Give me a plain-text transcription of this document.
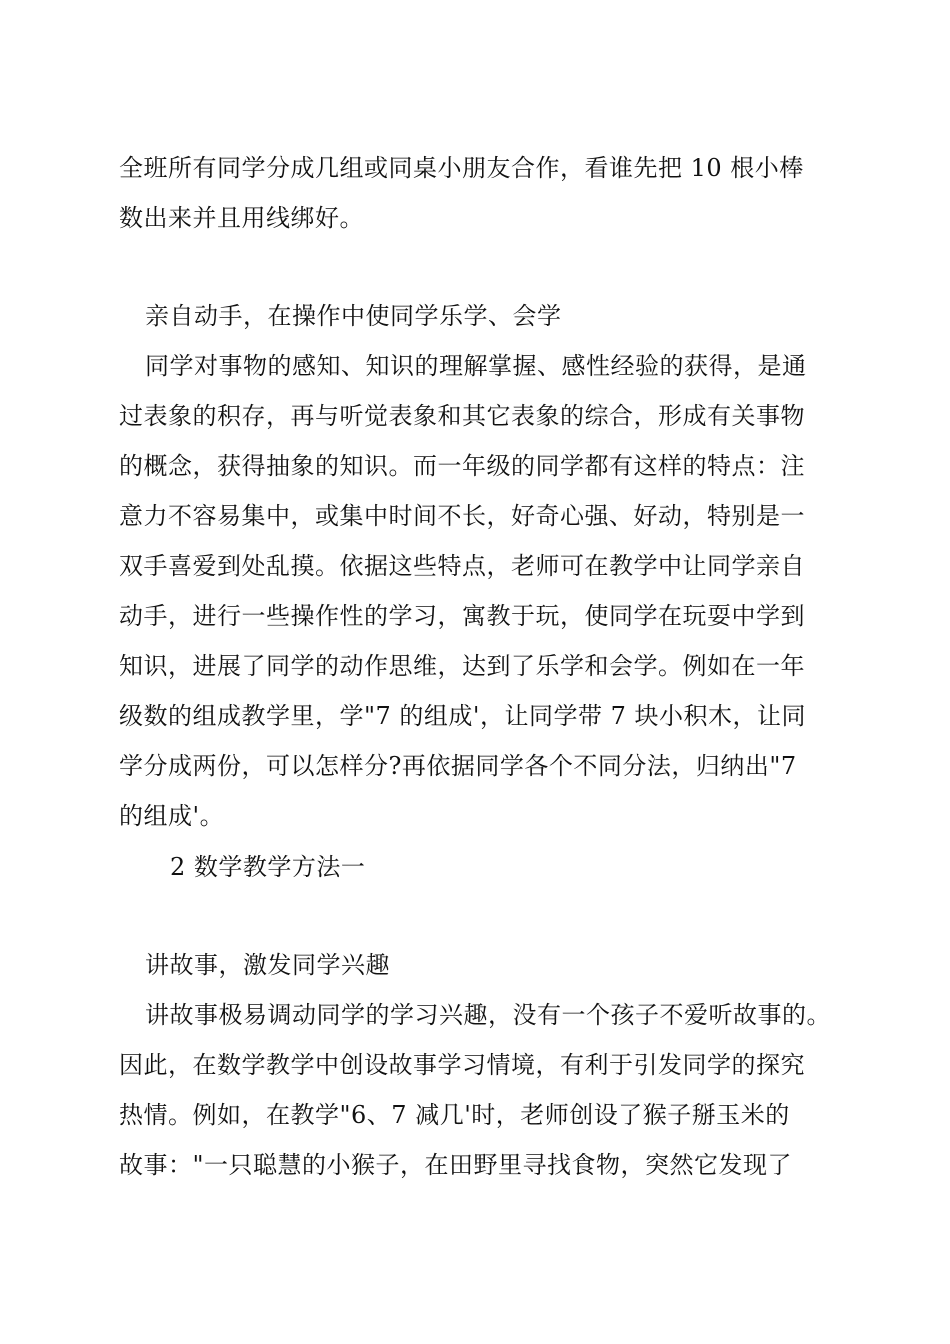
全班所有同学分成几组或同桌小朋友合作，看谁先把 10 根小棒
数出来并且用线绑好。
亲自动手，在操作中使同学乐学、会学
同学对事物的感知、知识的理解掌握、感性经验的获得，是通
过表象的积存，再与听觉表象和其它表象的综合，形成有关事物
的概念，获得抽象的知识。而一年级的同学都有这样的特点：注
意力不容易集中，或集中时间不长，好奇心强、好动，特别是一
双手喜爱到处乱摸。依据这些特点，老师可在教学中让同学亲自
动手，进行一些操作性的学习，寓教于玩，使同学在玩耍中学到
知识，进展了同学的动作思维，达到了乐学和会学。例如在一年
级数的组成教学里，学"7 的组成'，让同学带 7 块小积木，让同
学分成两份，可以怎样分?再依据同学各个不同分法，归纳出"7
的组成'。
2 数学教学方法一
讲故事，激发同学兴趣
讲故事极易调动同学的学习兴趣，没有一个孩子不爱听故事的。
因此，在数学教学中创设故事学习情境，有利于引发同学的探究
热情。例如，在教学"6、7 减几'时，老师创设了猴子掰玉米的
故事："一只聪慧的小猴子，在田野里寻找食物，突然它发现了
